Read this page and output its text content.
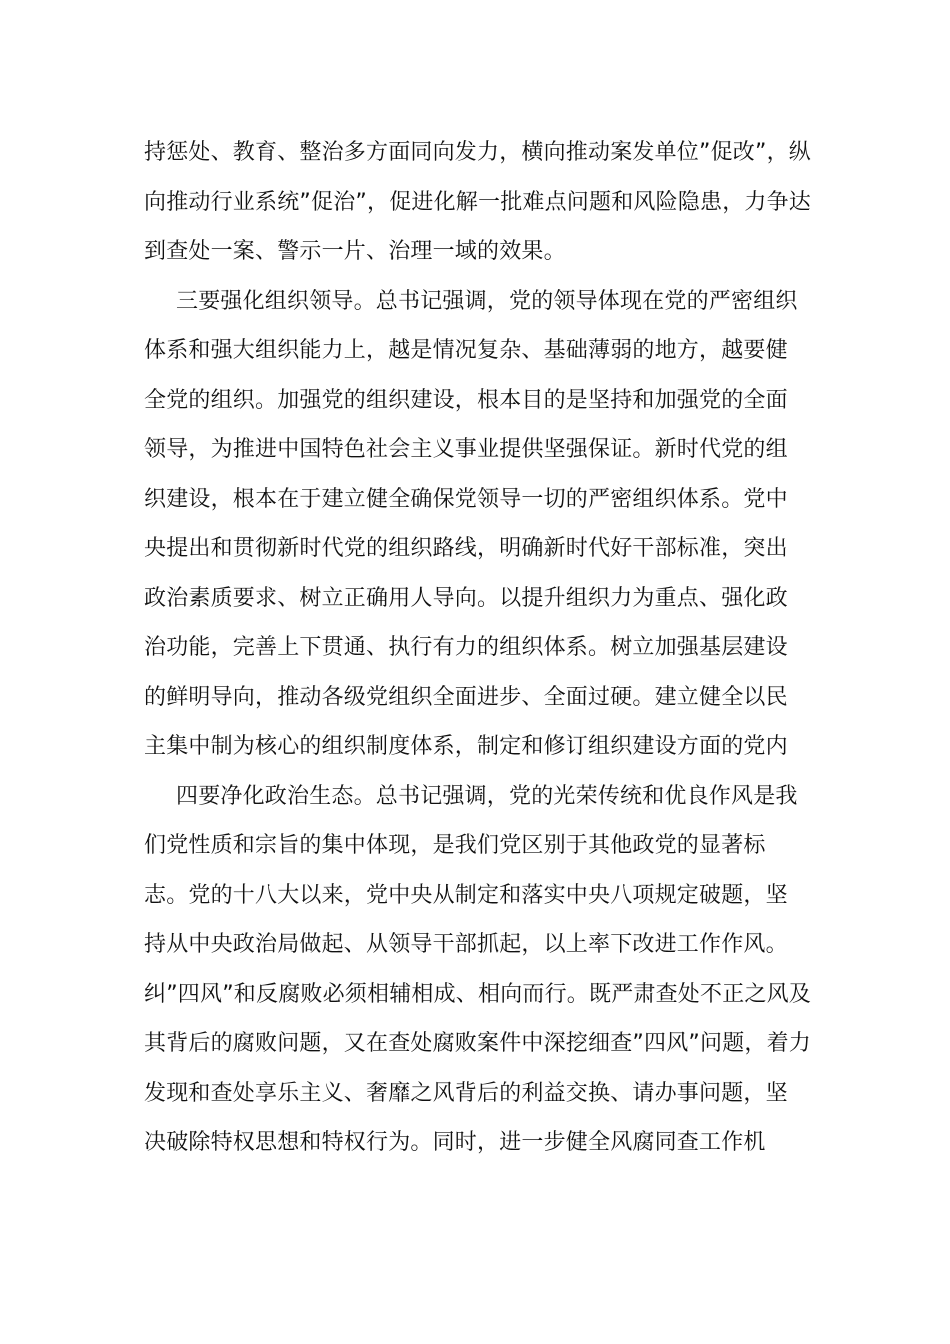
持惩处、教育、整治多方面同向发力，横向推动案发单位”促改”，纵
向推动行业系统”促治”，促进化解一批难点问题和风险隐患，力争达
到查处一案、警示一片、治理一域的效果。
三要强化组织领导。总书记强调，党的领导体现在党的严密组织
体系和强大组织能力上，越是情况复杂、基础薄弱的地方，越要健
全党的组织。加强党的组织建设，根本目的是坚持和加强党的全面
领导，为推进中国特色社会主义事业提供坚强保证。新时代党的组
织建设，根本在于建立健全确保党领导一切的严密组织体系。党中
央提出和贯彻新时代党的组织路线，明确新时代好干部标准，突出
政治素质要求、树立正确用人导向。以提升组织力为重点、强化政
治功能，完善上下贯通、执行有力的组织体系。树立加强基层建设
的鲜明导向，推动各级党组织全面进步、全面过硬。建立健全以民
主集中制为核心的组织制度体系，制定和修订组织建设方面的党内
四要净化政治生态。总书记强调，党的光荣传统和优良作风是我
们党性质和宗旨的集中体现，是我们党区别于其他政党的显著标
志。党的十八大以来，党中央从制定和落实中央八项规定破题，坚
持从中央政治局做起、从领导干部抓起，以上率下改进工作作风。
纠”四风”和反腐败必须相辅相成、相向而行。既严肃查处不正之风及
其背后的腐败问题，又在查处腐败案件中深挖细查”四风”问题，着力
发现和查处享乐主义、奢靡之风背后的利益交换、请办事问题，坚
决破除特权思想和特权行为。同时，进一步健全风腐同查工作机
